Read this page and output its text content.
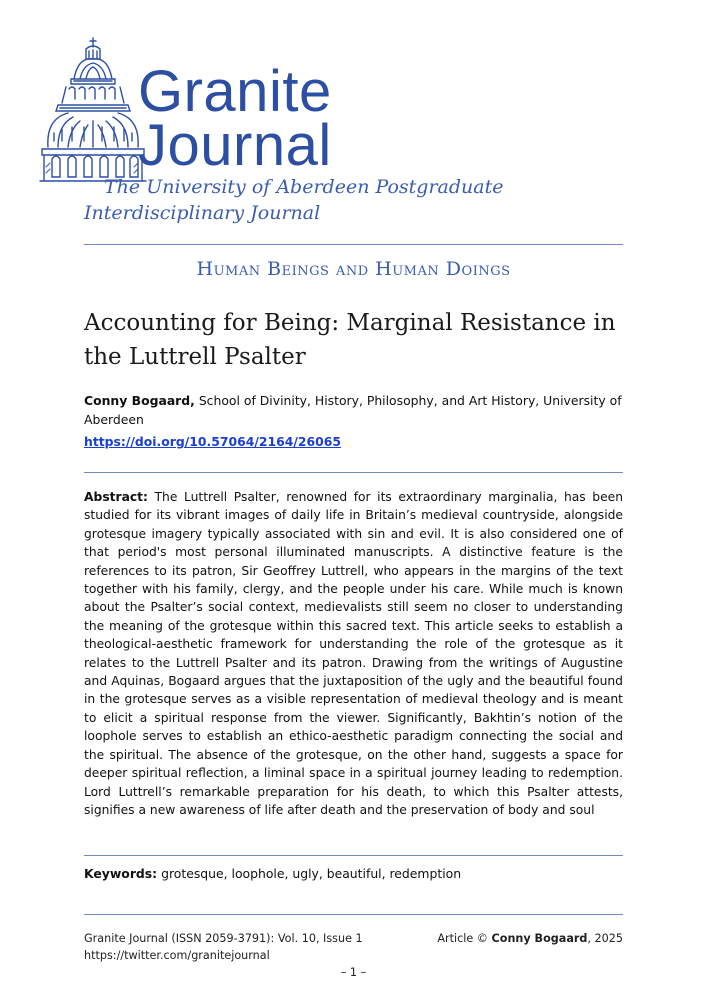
Granite
Journal
The University of Aberdeen Postgraduate Interdisciplinary Journal
Human Beings and Human Doings
Accounting for Being: Marginal Resistance in the Luttrell Psalter
Conny Bogaard, School of Divinity, History, Philosophy, and Art History, University of Aberdeen
https://doi.org/10.57064/2164/26065
Abstract: The Luttrell Psalter, renowned for its extraordinary marginalia, has been studied for its vibrant images of daily life in Britain’s medieval countryside, alongside grotesque imagery typically associated with sin and evil. It is also considered one of that period's most personal illuminated manuscripts. A distinctive feature is the references to its patron, Sir Geoffrey Luttrell, who appears in the margins of the text together with his family, clergy, and the people under his care. While much is known about the Psalter’s social context, medievalists still seem no closer to understanding the meaning of the grotesque within this sacred text. This article seeks to establish a theological-aesthetic framework for understanding the role of the grotesque as it relates to the Luttrell Psalter and its patron. Drawing from the writings of Augustine and Aquinas, Bogaard argues that the juxtaposition of the ugly and the beautiful found in the grotesque serves as a visible representation of medieval theology and is meant to elicit a spiritual response from the viewer. Significantly, Bakhtin’s notion of the loophole serves to establish an ethico-aesthetic paradigm connecting the social and the spiritual. The absence of the grotesque, on the other hand, suggests a space for deeper spiritual reflection, a liminal space in a spiritual journey leading to redemption. Lord Luttrell’s remarkable preparation for his death, to which this Psalter attests, signifies a new awareness of life after death and the preservation of body and soul
Keywords: grotesque, loophole, ugly, beautiful, redemption
Granite Journal (ISSN 2059-3791): Vol. 10, Issue 1
https://twitter.com/granitejournal
Article © Conny Bogaard, 2025
– 1 –
